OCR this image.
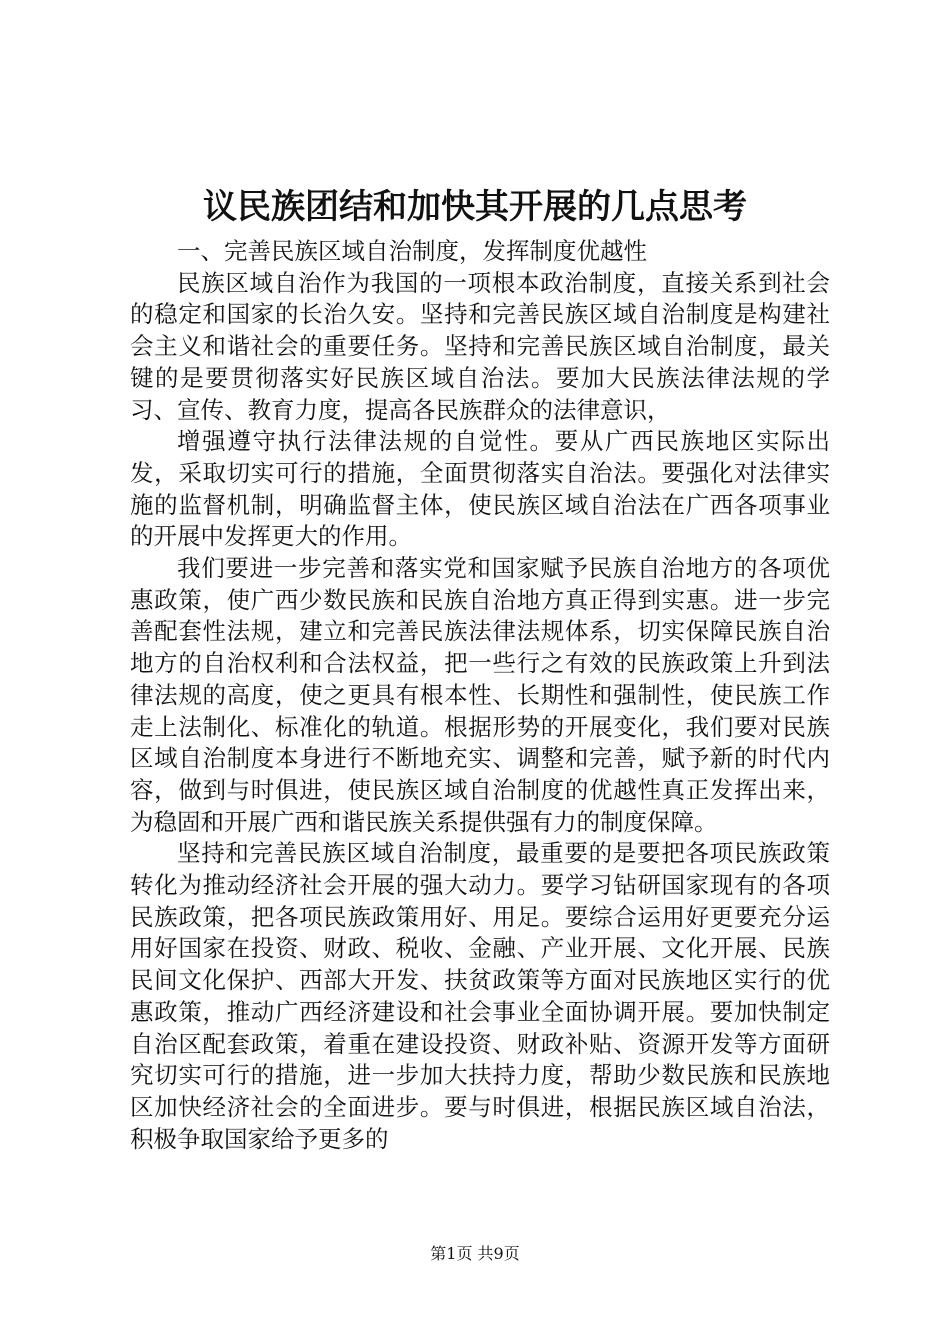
议民族团结和加快其开展的几点思考

一、完善民族区域自治制度，发挥制度优越性

民族区域自治作为我国的一项根本政治制度，直接关系到社会的稳定和国家的长治久安。坚持和完善民族区域自治制度是构建社会主义和谐社会的重要任务。坚持和完善民族区域自治制度，最关键的是要贯彻落实好民族区域自治法。要加大民族法律法规的学习、宣传、教育力度，提高各民族群众的法律意识，

增强遵守执行法律法规的自觉性。要从广西民族地区实际出发，采取切实可行的措施，全面贯彻落实自治法。要强化对法律实施的监督机制，明确监督主体，使民族区域自治法在广西各项事业的开展中发挥更大的作用。

我们要进一步完善和落实党和国家赋予民族自治地方的各项优惠政策，使广西少数民族和民族自治地方真正得到实惠。进一步完善配套性法规，建立和完善民族法律法规体系，切实保障民族自治地方的自治权利和合法权益，把一些行之有效的民族政策上升到法律法规的高度，使之更具有根本性、长期性和强制性，使民族工作走上法制化、标准化的轨道。根据形势的开展变化，我们要对民族区域自治制度本身进行不断地充实、调整和完善，赋予新的时代内容，做到与时俱进，使民族区域自治制度的优越性真正发挥出来，为稳固和开展广西和谐民族关系提供强有力的制度保障。

坚持和完善民族区域自治制度，最重要的是要把各项民族政策转化为推动经济社会开展的强大动力。要学习钻研国家现有的各项民族政策，把各项民族政策用好、用足。要综合运用好更要充分运用好国家在投资、财政、税收、金融、产业开展、文化开展、民族民间文化保护、西部大开发、扶贫政策等方面对民族地区实行的优惠政策，推动广西经济建设和社会事业全面协调开展。要加快制定自治区配套政策，着重在建设投资、财政补贴、资源开发等方面研究切实可行的措施，进一步加大扶持力度，帮助少数民族和民族地区加快经济社会的全面进步。要与时俱进，根据民族区域自治法，积极争取国家给予更多的

第1页 共9页
